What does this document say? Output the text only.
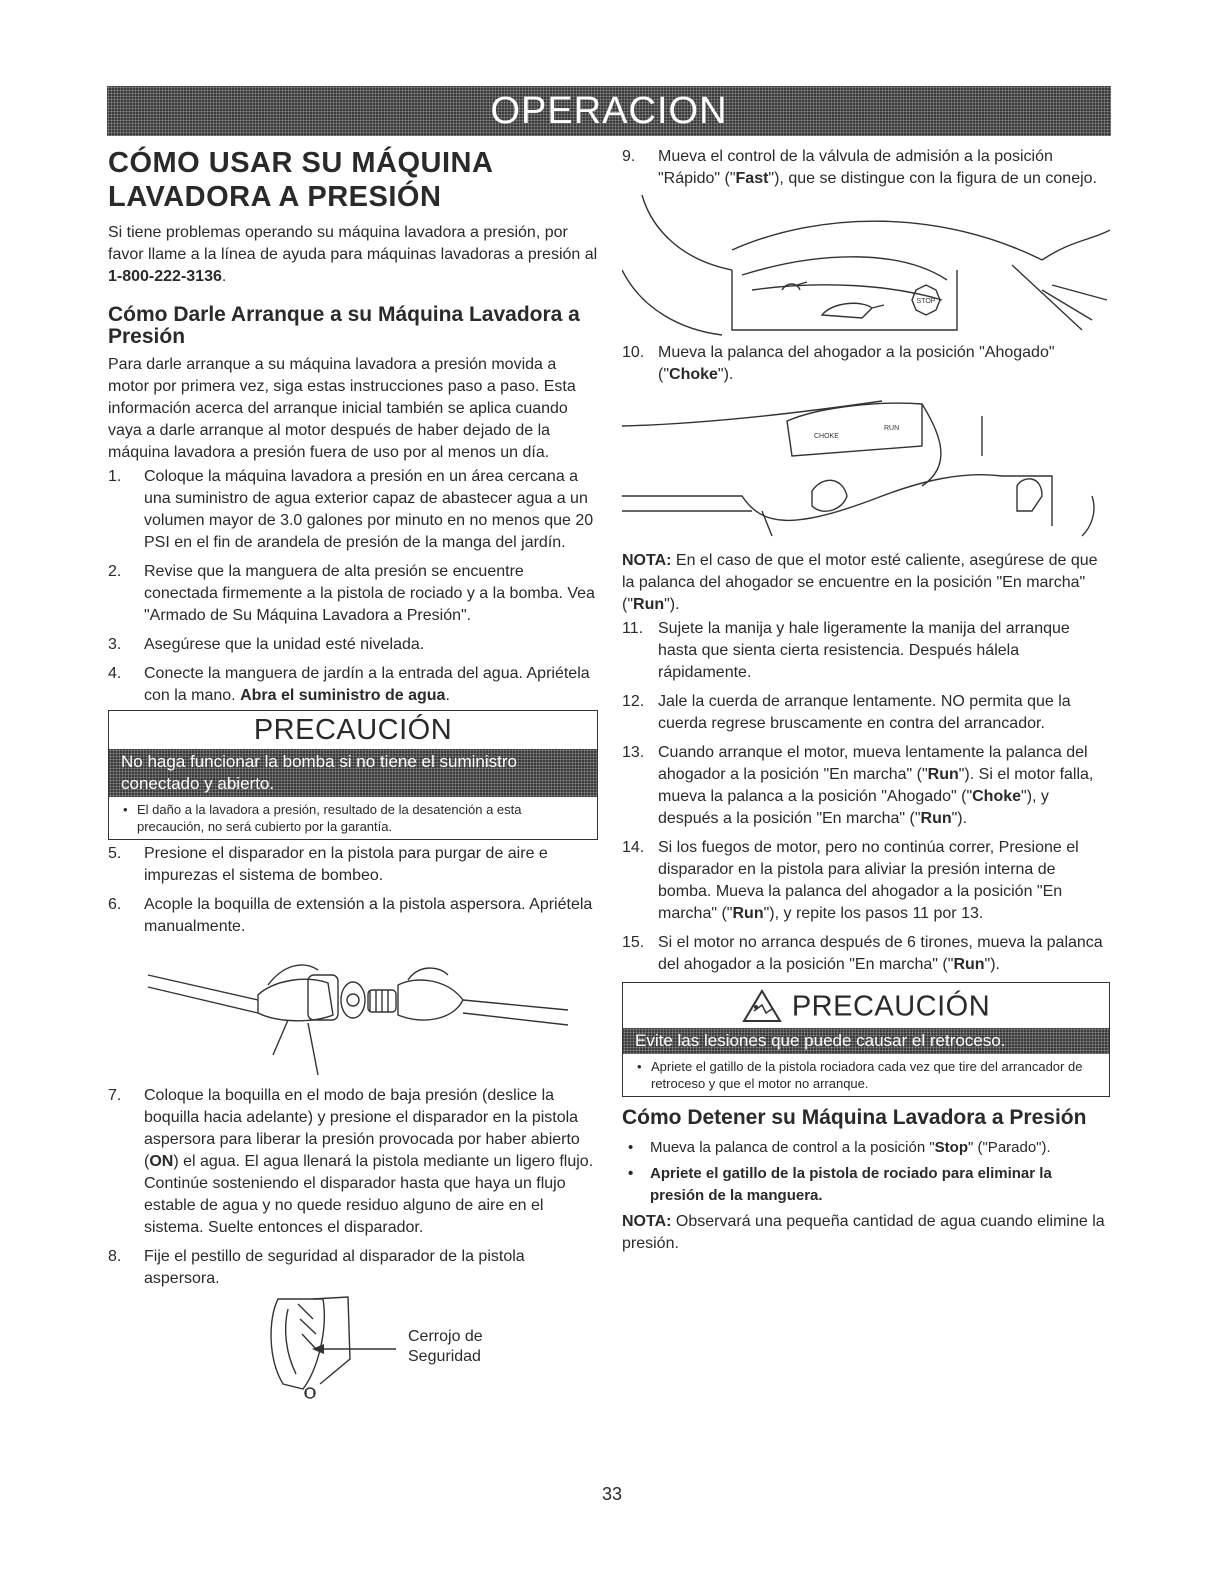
OPERACION
CÓMO USAR SU MÁQUINA
LAVADORA A PRESIÓN

Si tiene problemas operando su máquina lavadora a presión, por favor llame a la línea de ayuda para máquinas lavadoras a presión al 1-800-222-3136.

Cómo Darle Arranque a su Máquina Lavadora a Presión

Para darle arranque a su máquina lavadora a presión movida a motor por primera vez, siga estas instrucciones paso a paso. Esta información acerca del arranque inicial también se aplica cuando vaya a darle arranque al motor después de haber dejado de la máquina lavadora a presión fuera de uso por al menos un día.

1. Coloque la máquina lavadora a presión en un área cercana a una suministro de agua exterior capaz de abastecer agua a un volumen mayor de 3.0 galones por minuto en no menos que 20 PSI en el fin de arandela de presión de la manga del jardín.
2. Revise que la manguera de alta presión se encuentre conectada firmemente a la pistola de rociado y a la bomba. Vea "Armado de Su Máquina Lavadora a Presión".
3. Asegúrese que la unidad esté nivelada.
4. Conecte la manguera de jardín a la entrada del agua. Apriétela con la mano. Abra el suministro de agua.
PRECAUCIÓN
No haga funcionar la bomba si no tiene el suministro conectado y abierto.
• El daño a la lavadora a presión, resultado de la desatención a esta precaución, no será cubierto por la garantía.
5. Presione el disparador en la pistola para purgar de aire e impurezas el sistema de bombeo.
6. Acople la boquilla de extensión a la pistola aspersora. Apriétela manualmente.
7. Coloque la boquilla en el modo de baja presión (deslice la boquilla hacia adelante) y presione el disparador en la pistola aspersora para liberar la presión provocada por haber abierto (ON) el agua. El agua llenará la pistola mediante un ligero flujo. Continúe sosteniendo el disparador hasta que haya un flujo estable de agua y no quede residuo alguno de aire en el sistema. Suelte entonces el disparador.
8. Fije el pestillo de seguridad al disparador de la pistola aspersora.
Cerrojo de
Seguridad
9. Mueva el control de la válvula de admisión a la posición "Rápido" ("Fast"), que se distingue con la figura de un conejo.
STOP
10. Mueva la palanca del ahogador a la posición "Ahogado" ("Choke").
CHOKE
RUN

NOTA: En el caso de que el motor esté caliente, asegúrese de que la palanca del ahogador se encuentre en la posición "En marcha" ("Run").

11. Sujete la manija y hale ligeramente la manija del arranque hasta que sienta cierta resistencia. Después hálela rápidamente.
12. Jale la cuerda de arranque lentamente. NO permita que la cuerda regrese bruscamente en contra del arrancador.
13. Cuando arranque el motor, mueva lentamente la palanca del ahogador a la posición "En marcha" ("Run"). Si el motor falla, mueva la palanca a la posición "Ahogado" ("Choke"), y después a la posición "En marcha" ("Run").
14. Si los fuegos de motor, pero no continúa correr, Presione el disparador en la pistola para aliviar la presión interna de bomba. Mueva la palanca del ahogador a la posición "En marcha" ("Run"), y repite los pasos 11 por 13.
15. Si el motor no arranca después de 6 tirones, mueva la palanca del ahogador a la posición "En marcha" ("Run").
PRECAUCIÓN
Evite las lesiones que puede causar el retroceso.
• Apriete el gatillo de la pistola rociadora cada vez que tire del arrancador de retroceso y que el motor no arranque.
Cómo Detener su Máquina Lavadora a Presión
• Mueva la palanca de control a la posición "Stop" ("Parado").
• Apriete el gatillo de la pistola de rociado para eliminar la presión de la manguera.

NOTA: Observará una pequeña cantidad de agua cuando elimine la presión.

33
